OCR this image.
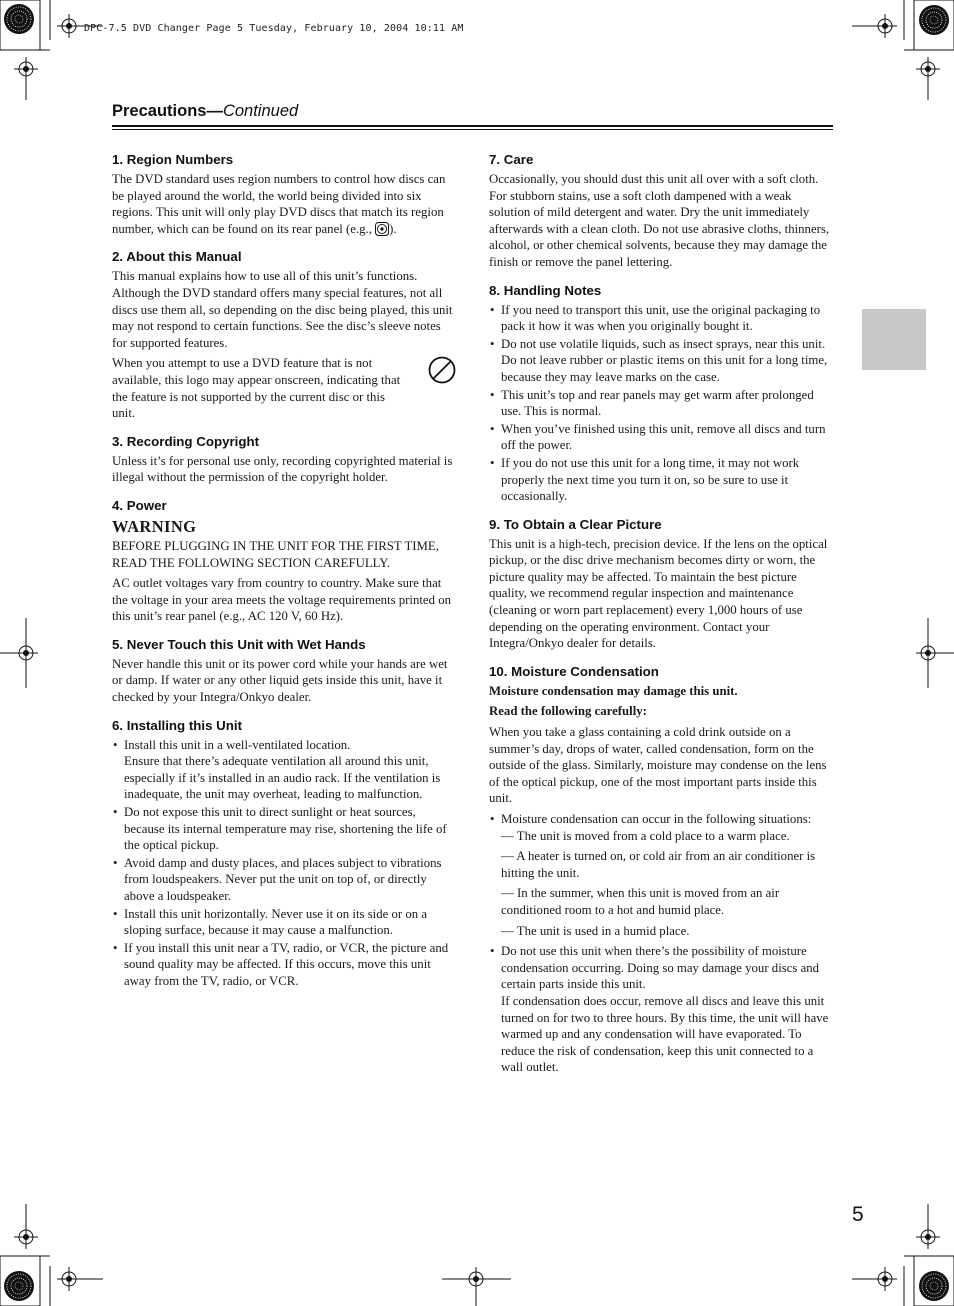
DPC-7.5 DVD Changer Page 5 Tuesday, February 10, 2004 10:11 AM
Precautions—Continued
1. Region Numbers

The DVD standard uses region numbers to control how discs can be played around the world, the world being divided into six regions. This unit will only play DVD discs that match its region number, which can be found on its rear panel (e.g., ).

2. About this Manual

This manual explains how to use all of this unit’s functions. Although the DVD standard offers many special features, not all discs use them all, so depending on the disc being played, this unit may not respond to certain functions. See the disc’s sleeve notes for supported features.

When you attempt to use a DVD feature that is not available, this logo may appear onscreen, indicating that the feature is not supported by the current disc or this unit.

3. Recording Copyright

Unless it’s for personal use only, recording copyrighted material is illegal without the permission of the copyright holder.

4. Power
WARNING

BEFORE PLUGGING IN THE UNIT FOR THE FIRST TIME, READ THE FOLLOWING SECTION CAREFULLY.

AC outlet voltages vary from country to country. Make sure that the voltage in your area meets the voltage requirements printed on this unit’s rear panel (e.g., AC 120 V, 60 Hz).

5. Never Touch this Unit with Wet Hands

Never handle this unit or its power cord while your hands are wet or damp. If water or any other liquid gets inside this unit, have it checked by your Integra/Onkyo dealer.

6. Installing this Unit
• Install this unit in a well-ventilated location.
Ensure that there’s adequate ventilation all around this unit, especially if it’s installed in an audio rack. If the ventilation is inadequate, the unit may overheat, leading to malfunction.
• Do not expose this unit to direct sunlight or heat sources, because its internal temperature may rise, shortening the life of the optical pickup.
• Avoid damp and dusty places, and places subject to vibrations from loudspeakers. Never put the unit on top of, or directly above a loudspeaker.
• Install this unit horizontally. Never use it on its side or on a sloping surface, because it may cause a malfunction.
• If you install this unit near a TV, radio, or VCR, the picture and sound quality may be affected. If this occurs, move this unit away from the TV, radio, or VCR.
7. Care

Occasionally, you should dust this unit all over with a soft cloth. For stubborn stains, use a soft cloth dampened with a weak solution of mild detergent and water. Dry the unit immediately afterwards with a clean cloth. Do not use abrasive cloths, thinners, alcohol, or other chemical solvents, because they may damage the finish or remove the panel lettering.

8. Handling Notes
• If you need to transport this unit, use the original packaging to pack it how it was when you originally bought it.
• Do not use volatile liquids, such as insect sprays, near this unit. Do not leave rubber or plastic items on this unit for a long time, because they may leave marks on the case.
• This unit’s top and rear panels may get warm after prolonged use. This is normal.
• When you’ve finished using this unit, remove all discs and turn off the power.
• If you do not use this unit for a long time, it may not work properly the next time you turn it on, so be sure to use it occasionally.
9. To Obtain a Clear Picture

This unit is a high-tech, precision device. If the lens on the optical pickup, or the disc drive mechanism becomes dirty or worn, the picture quality may be affected. To maintain the best picture quality, we recommend regular inspection and maintenance (cleaning or worn part replacement) every 1,000 hours of use depending on the operating environment. Contact your Integra/Onkyo dealer for details.

10. Moisture Condensation

Moisture condensation may damage this unit.

Read the following carefully:

When you take a glass containing a cold drink outside on a summer’s day, drops of water, called condensation, form on the outside of the glass. Similarly, moisture may condense on the lens of the optical pickup, one of the most important parts inside this unit.

• Moisture condensation can occur in the following situations:
— The unit is moved from a cold place to a warm place.
— A heater is turned on, or cold air from an air conditioner is hitting the unit.
— In the summer, when this unit is moved from an air conditioned room to a hot and humid place.
— The unit is used in a humid place.
• Do not use this unit when there’s the possibility of moisture condensation occurring. Doing so may damage your discs and certain parts inside this unit.
If condensation does occur, remove all discs and leave this unit turned on for two to three hours. By this time, the unit will have warmed up and any condensation will have evaporated. To reduce the risk of condensation, keep this unit connected to a wall outlet.
5
